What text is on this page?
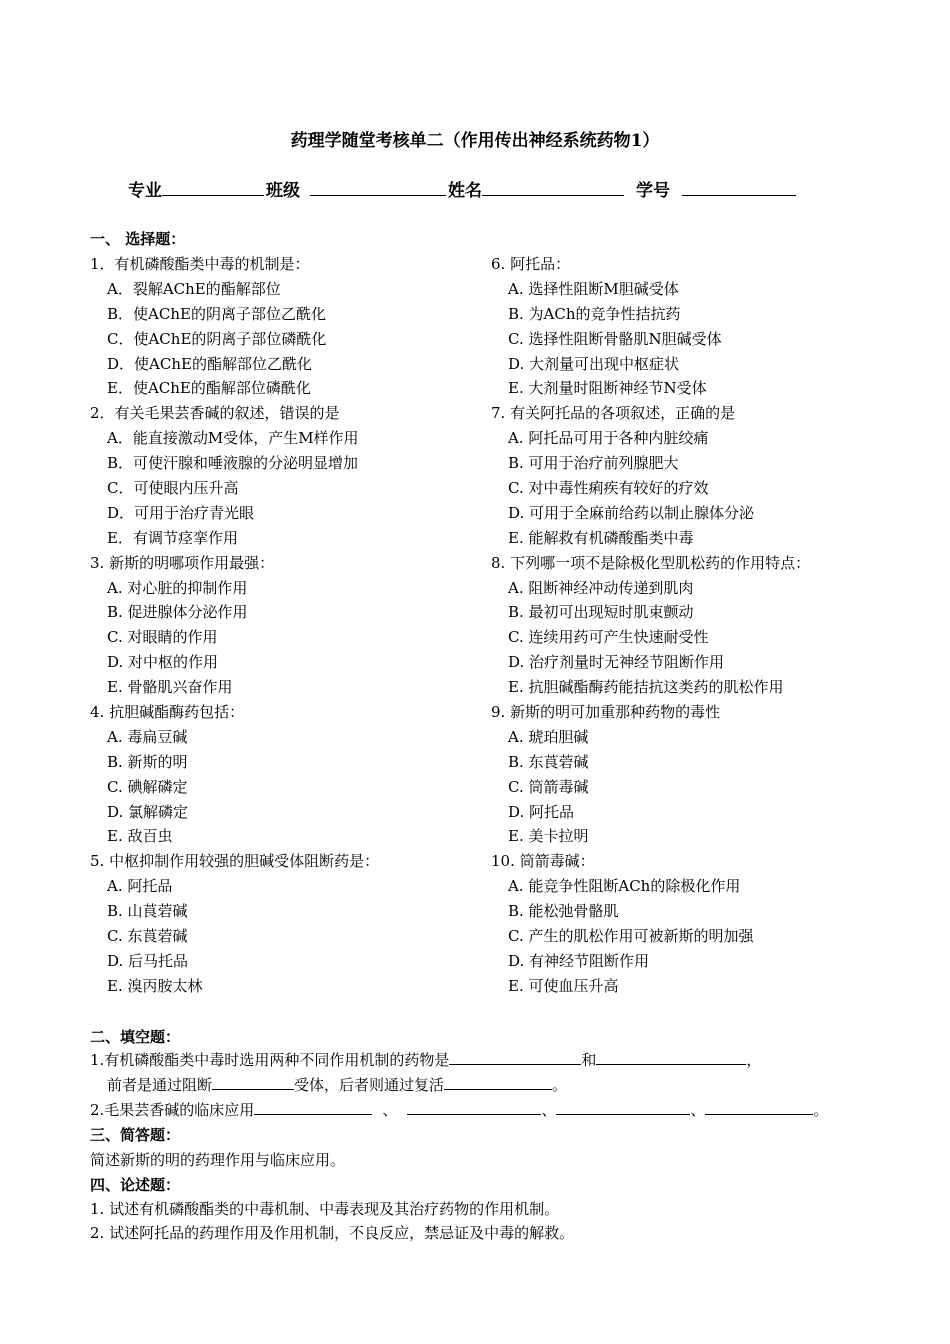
药理学随堂考核单二（作用传出神经系统药物1）
专业	班级	姓名	学号
一、 选择题：
1．有机磷酸酯类中毒的机制是：
A．裂解AChE的酯解部位
B．使AChE的阴离子部位乙酰化
C．使AChE的阴离子部位磷酰化
D．使AChE的酯解部位乙酰化
E．使AChE的酯解部位磷酰化
2．有关毛果芸香碱的叙述，错误的是
A．能直接激动M受体，产生M样作用
B．可使汗腺和唾液腺的分泌明显增加
C．可使眼内压升高
D．可用于治疗青光眼
E．有调节痉挛作用
3. 新斯的明哪项作用最强：
A. 对心脏的抑制作用
B. 促进腺体分泌作用
C. 对眼睛的作用
D. 对中枢的作用
E. 骨骼肌兴奋作用
4. 抗胆碱酯酶药包括：
A. 毒扁豆碱
B. 新斯的明
C. 碘解磷定
D. 氯解磷定
E. 敌百虫
5. 中枢抑制作用较强的胆碱受体阻断药是：
A. 阿托品
B. 山莨菪碱
C. 东莨菪碱
D. 后马托品
E. 溴丙胺太林
6. 阿托品：
A. 选择性阻断M胆碱受体
B. 为ACh的竞争性拮抗药
C. 选择性阻断骨骼肌N胆碱受体
D. 大剂量可出现中枢症状
E. 大剂量时阻断神经节N受体
7. 有关阿托品的各项叙述，正确的是
A. 阿托品可用于各种内脏绞痛
B. 可用于治疗前列腺肥大
C. 对中毒性痢疾有较好的疗效
D. 可用于全麻前给药以制止腺体分泌
E. 能解救有机磷酸酯类中毒
8. 下列哪一项不是除极化型肌松药的作用特点：
A. 阻断神经冲动传递到肌肉
B. 最初可出现短时肌束颤动
C. 连续用药可产生快速耐受性
D. 治疗剂量时无神经节阻断作用
E. 抗胆碱酯酶药能拮抗这类药的肌松作用
9. 新斯的明可加重那种药物的毒性
A. 琥珀胆碱
B. 东莨菪碱
C. 筒箭毒碱
D. 阿托品
E. 美卡拉明
10. 筒箭毒碱：
A. 能竞争性阻断ACh的除极化作用
B. 能松弛骨骼肌
C. 产生的肌松作用可被新斯的明加强
D. 有神经节阻断作用
E. 可使血压升高
二、填空题：
1.有机磷酸酯类中毒时选用两种不同作用机制的药物是	和	，
前者是通过阻断	受体，后者则通过复活	。
2.毛果芸香碱的临床应用	、	、	、	。
三、简答题：
简述新斯的明的药理作用与临床应用。
四、论述题：
1. 试述有机磷酸酯类的中毒机制、中毒表现及其治疗药物的作用机制。
2. 试述阿托品的药理作用及作用机制，不良反应，禁忌证及中毒的解救。
